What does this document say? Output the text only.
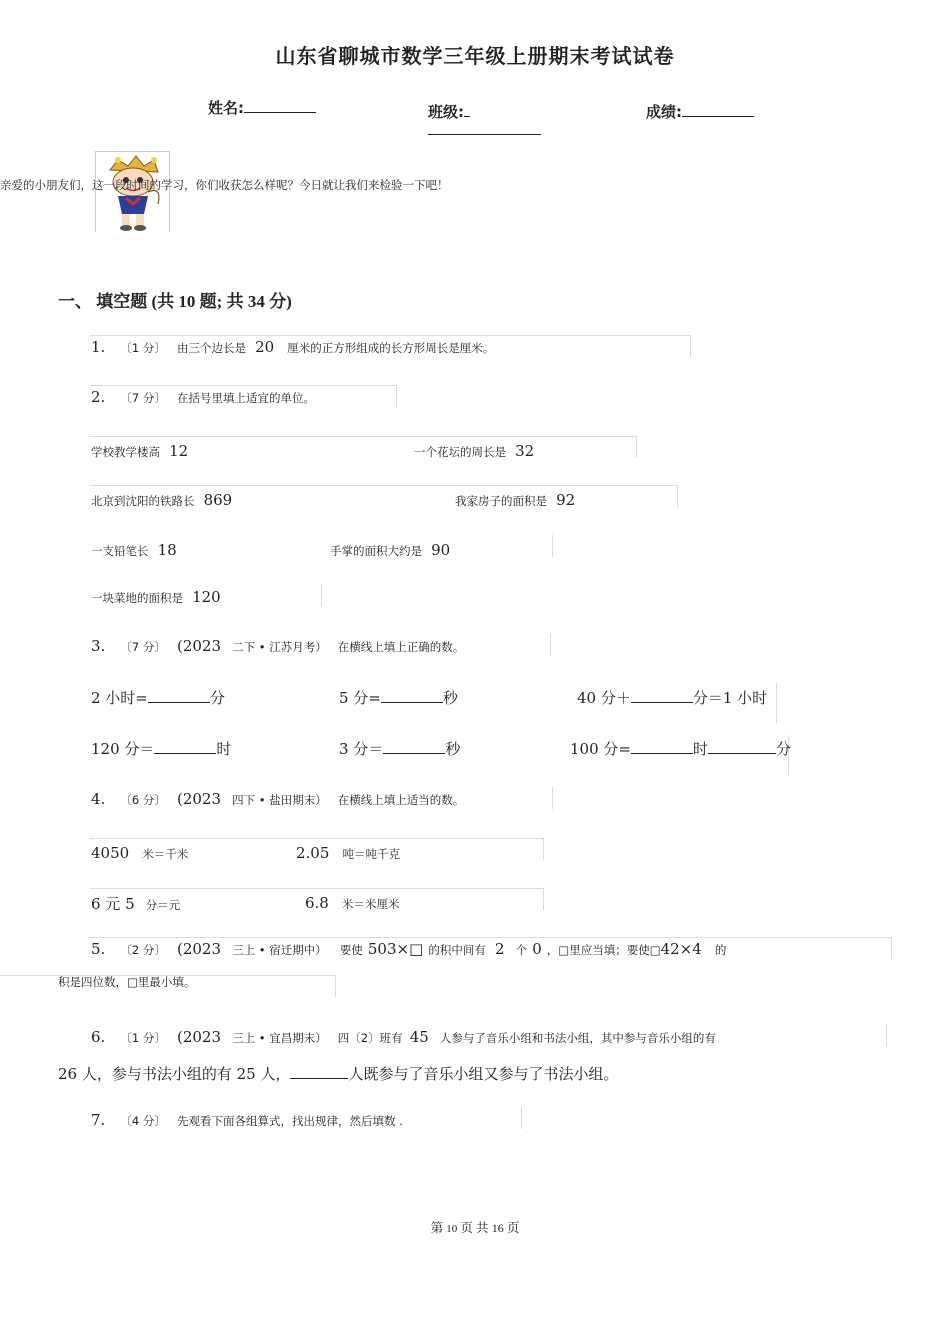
山东省聊城市数学三年级上册期末考试试卷
姓名:	班级:	成绩:
亲爱的小朋友们，这一段时间的学习，你们收获怎么样呢？今日就让我们来检验一下吧！
一、 填空题 (共 10 题; 共 34 分)
1. 〔1 分〕 由三个边长是 20 厘米的正方形组成的长方形周长是厘米。
2. 〔7 分〕 在括号里填上适宜的单位。
学校教学楼高 12	一个花坛的周长是 32
北京到沈阳的铁路长 869	我家房子的面积是 92
一支铅笔长 18	手掌的面积大约是 90
一块菜地的面积是 120
3. 〔7 分〕 (2023 二下 • 江苏月考） 在横线上填上正确的数。
2 小时=	分	5 分=	秒	40 分＋	分＝1 小时
120 分＝	时	3 分＝	秒	100 分=	时	分
4. 〔6 分〕 (2023 四下 • 盐田期末） 在横线上填上适当的数。
4050 米＝千米	2.05 吨＝吨千克
6 元 5 分＝元	6.8 米＝米厘米
5. 〔2 分〕 (2023 三上 • 宿迁期中） 要使 503×□ 的积中间有 2 个 0 ，□里应当填；要使□42×4 的
积是四位数，□里最小填。
6. 〔1 分〕 (2023 三上 • 宜昌期末） 四〔2〕班有 45 人参与了音乐小组和书法小组，其中参与音乐小组的有
26 人，参与书法小组的有 25 人，	人既参与了音乐小组又参与了书法小组。
7. 〔4 分〕 先观看下面各组算式，找出规律，然后填数 .
第 10 页 共 16 页
